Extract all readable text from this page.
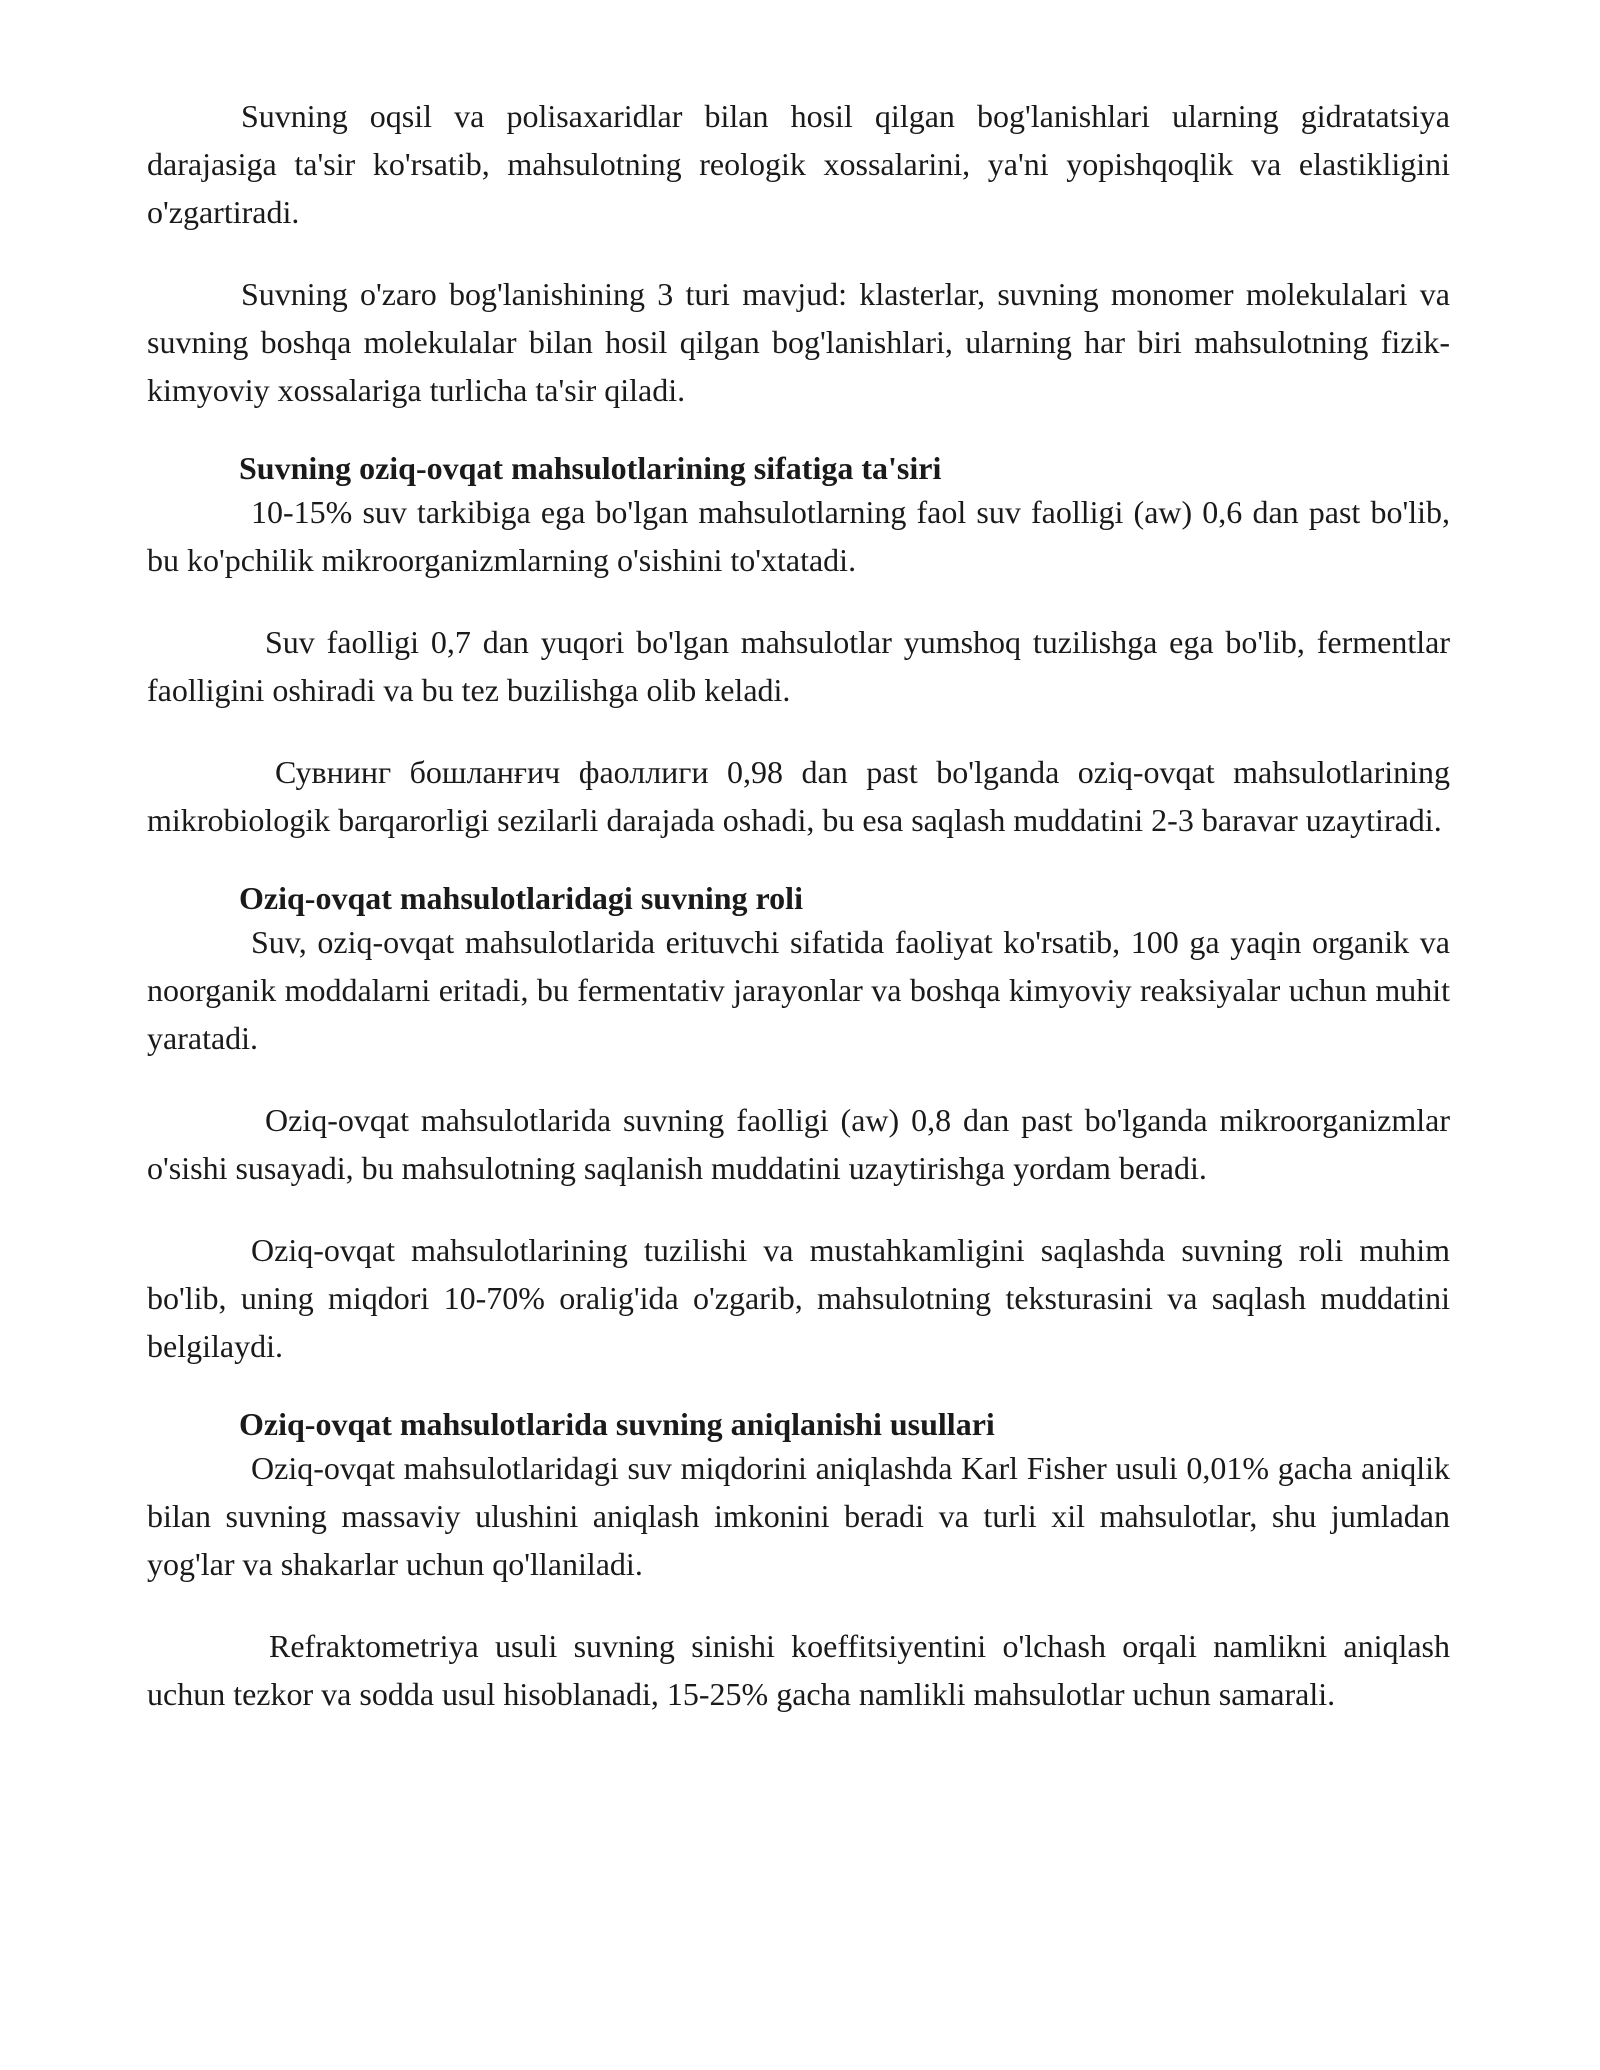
Suvning oqsil va polisaxaridlar bilan hosil qilgan bog'lanishlari ularning gidratatsiya darajasiga ta'sir ko'rsatib, mahsulotning reologik xossalarini, ya'ni yopishqoqlik va elastikligini o'zgartiradi.

Suvning o'zaro bog'lanishining 3 turi mavjud: klasterlar, suvning monomer molekulalari va suvning boshqa molekulalar bilan hosil qilgan bog'lanishlari, ularning har biri mahsulotning fizik-kimyoviy xossalariga turlicha ta'sir qiladi.

Suvning oziq-ovqat mahsulotlarining sifatiga ta'siri

10-15% suv tarkibiga ega bo'lgan mahsulotlarning faol suv faolligi (aw) 0,6 dan past bo'lib, bu ko'pchilik mikroorganizmlarning o'sishini to'xtatadi.

Suv faolligi 0,7 dan yuqori bo'lgan mahsulotlar yumshoq tuzilishga ega bo'lib, fermentlar faolligini oshiradi va bu tez buzilishga olib keladi.

Сувнинг бошланғич фаоллиги 0,98 dan past bo'lganda oziq-ovqat mahsulotlarining mikrobiologik barqarorligi sezilarli darajada oshadi, bu esa saqlash muddatini 2-3 baravar uzaytiradi.

Oziq-ovqat mahsulotlaridagi suvning roli

Suv, oziq-ovqat mahsulotlarida erituvchi sifatida faoliyat ko'rsatib, 100 ga yaqin organik va noorganik moddalarni eritadi, bu fermentativ jarayonlar va boshqa kimyoviy reaksiyalar uchun muhit yaratadi.

Oziq-ovqat mahsulotlarida suvning faolligi (aw) 0,8 dan past bo'lganda mikroorganizmlar o'sishi susayadi, bu mahsulotning saqlanish muddatini uzaytirishga yordam beradi.

Oziq-ovqat mahsulotlarining tuzilishi va mustahkamligini saqlashda suvning roli muhim bo'lib, uning miqdori 10-70% oralig'ida o'zgarib, mahsulotning teksturasini va saqlash muddatini belgilaydi.

Oziq-ovqat mahsulotlarida suvning aniqlanishi usullari

Oziq-ovqat mahsulotlaridagi suv miqdorini aniqlashda Karl Fisher usuli 0,01% gacha aniqlik bilan suvning massaviy ulushini aniqlash imkonini beradi va turli xil mahsulotlar, shu jumladan yog'lar va shakarlar uchun qo'llaniladi.

Refraktometriya usuli suvning sinishi koeffitsiyentini o'lchash orqali namlikni aniqlash uchun tezkor va sodda usul hisoblanadi, 15-25% gacha namlikli mahsulotlar uchun samarali.
